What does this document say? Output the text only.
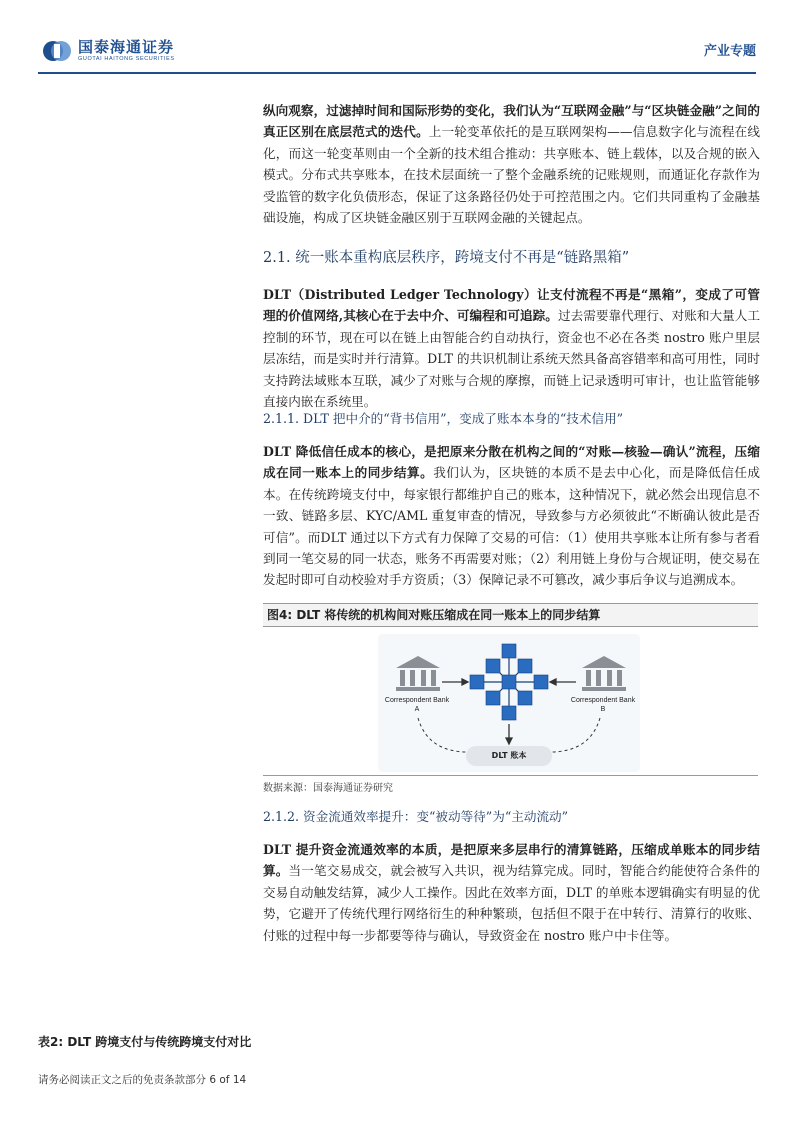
国泰海通证券
GUOTAI HAITONG SECURITIES	产业专题
纵向观察，过滤掉时间和国际形势的变化，我们认为“互联网金融”与“区块链金融”之间的真正区别在底层范式的迭代。上一轮变革依托的是互联网架构——信息数字化与流程在线化，而这一轮变革则由一个全新的技术组合推动：共享账本、链上载体，以及合规的嵌入模式。分布式共享账本，在技术层面统一了整个金融系统的记账规则，而通证化存款作为受监管的数字化负债形态，保证了这条路径仍处于可控范围之内。它们共同重构了金融基础设施，构成了区块链金融区别于互联网金融的关键起点。
2.1. 统一账本重构底层秩序，跨境支付不再是“链路黑箱”
DLT（Distributed Ledger Technology）让支付流程不再是“黑箱”，变成了可管理的价值网络,其核心在于去中介、可编程和可追踪。过去需要靠代理行、对账和大量人工控制的环节，现在可以在链上由智能合约自动执行，资金也不必在各类 nostro 账户里层层冻结，而是实时并行清算。DLT 的共识机制让系统天然具备高容错率和高可用性，同时支持跨法域账本互联，减少了对账与合规的摩擦，而链上记录透明可审计，也让监管能够直接内嵌在系统里。
2.1.1. DLT 把中介的“背书信用”，变成了账本本身的“技术信用”
DLT 降低信任成本的核心，是把原来分散在机构之间的“对账—核验—确认”流程，压缩成在同一账本上的同步结算。我们认为，区块链的本质不是去中心化，而是降低信任成本。在传统跨境支付中，每家银行都维护自己的账本，这种情况下，就必然会出现信息不一致、链路多层、KYC/AML 重复审查的情况，导致参与方必须彼此“不断确认彼此是否可信”。而DLT 通过以下方式有力保障了交易的可信：（1）使用共享账本让所有参与者看到同一笔交易的同一状态，账务不再需要对账；（2）利用链上身份与合规证明，使交易在发起时即可自动校验对手方资质；（3）保障记录不可篡改，减少事后争议与追溯成本。
图4: DLT 将传统的机构间对账压缩成在同一账本上的同步结算
Correspondent Bank A
Correspondent Bank B
DLT 账本
数据来源：国泰海通证券研究
2.1.2. 资金流通效率提升：变“被动等待”为“主动流动”
DLT 提升资金流通效率的本质，是把原来多层串行的清算链路，压缩成单账本的同步结算。当一笔交易成交，就会被写入共识，视为结算完成。同时，智能合约能使符合条件的交易自动触发结算，减少人工操作。因此在效率方面，DLT 的单账本逻辑确实有明显的优势，它避开了传统代理行网络衍生的种种繁琐，包括但不限于在中转行、清算行的收账、付账的过程中每一步都要等待与确认，导致资金在 nostro 账户中卡住等。
表2: DLT 跨境支付与传统跨境支付对比
请务必阅读正文之后的免责条款部分 6 of 14
